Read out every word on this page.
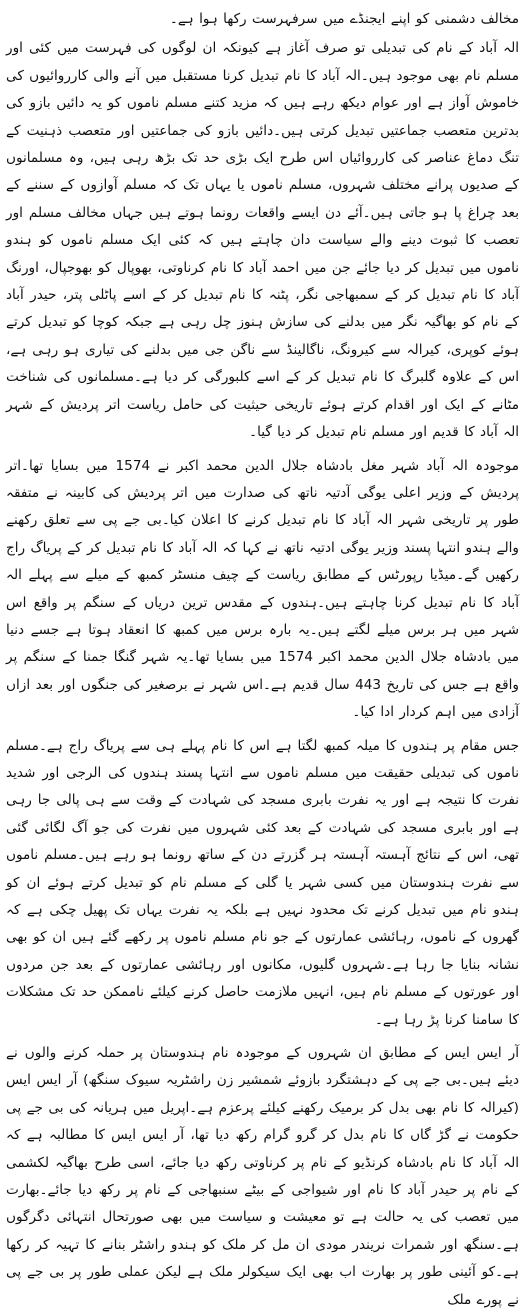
مخالف دشمنی کو اپنے ایجنڈے میں سرفہرست رکھا ہوا ہے۔

الہ آباد کے نام کی تبدیلی تو صرف آغاز ہے کیونکہ ان لوگوں کی فہرست میں کئی اور مسلم نام بھی موجود ہیں۔الہ آباد کا نام تبدیل کرنا مستقبل میں آنے والی کارروائیوں کی خاموش آواز ہے اور عوام دیکھ رہے ہیں کہ مزید کتنے مسلم ناموں کو یہ دائیں بازو کی بدترین متعصب جماعتیں تبدیل کرتی ہیں۔دائیں بازو کی جماعتیں اور متعصب ذہنیت کے تنگ دماغ عناصر کی کارروائیاں اس طرح ایک بڑی حد تک بڑھ رہی ہیں، وہ مسلمانوں کے صدیوں پرانے مختلف شہروں، مسلم ناموں یا یہاں تک کہ مسلم آوازوں کے سننے کے بعد چراغ پا ہو جاتی ہیں۔آئے دن ایسے واقعات رونما ہوتے ہیں جہاں مخالف مسلم اور تعصب کا ثبوت دینے والے سیاست دان چاہتے ہیں کہ کئی ایک مسلم ناموں کو ہندو ناموں میں تبدیل کر دیا جائے جن میں احمد آباد کا نام کرناوتی، بھوپال کو بھوجپال، اورنگ آباد کا نام تبدیل کر کے سمبھاجی نگر، پٹنہ کا نام تبدیل کر کے اسے پاٹلی پتر، حیدر آباد کے نام کو بھاگیہ نگر میں بدلنے کی سازش ہنوز چل رہی ہے جبکہ کوچا کو تبدیل کرتے ہوئے کوپری، کیرالہ سے کیرونگ، ناگالینڈ سے ناگن جی میں بدلنے کی تیاری ہو رہی ہے، اس کے علاوہ گلبرگ کا نام تبدیل کر کے اسے کلبورگی کر دیا ہے۔مسلمانوں کی شناخت مٹانے کے ایک اور اقدام کرتے ہوئے تاریخی حیثیت کی حامل ریاست اتر پردیش کے شہر الہ آباد کا قدیم اور مسلم نام تبدیل کر دیا گیا۔

موجودہ الہ آباد شہر مغل بادشاہ جلال الدین محمد اکبر نے 1574 میں بسایا تھا۔اتر پردیش کے وزیر اعلی یوگی آدتیہ ناتھ کی صدارت میں اتر پردیش کی کابینہ نے متفقہ طور پر تاریخی شہر الہ آباد کا نام تبدیل کرنے کا اعلان کیا۔بی جے پی سے تعلق رکھنے والے ہندو انتہا پسند وزیر یوگی ادتیہ ناتھ نے کہا کہ الہ آباد کا نام تبدیل کر کے پریاگ راج رکھیں گے۔میڈیا رپورٹس کے مطابق ریاست کے چیف منسٹر کمبھ کے میلے سے پہلے الہ آباد کا نام تبدیل کرنا چاہتے ہیں۔ہندوں کے مقدس ترین دریاں کے سنگم پر واقع اس شہر میں ہر برس میلے لگتے ہیں۔یہ بارہ برس میں کمبھ کا انعقاد ہوتا ہے جسے دنیا میں بادشاہ جلال الدین محمد اکبر 1574 میں بسایا تھا۔یہ شہر گنگا جمنا کے سنگم پر واقع ہے جس کی تاریخ 443 سال قدیم ہے۔اس شہر نے برصغیر کی جنگوں اور بعد ازاں آزادی میں اہم کردار ادا کیا۔

جس مقام پر ہندوں کا میلہ کمبھ لگتا ہے اس کا نام پہلے ہی سے پریاگ راج ہے۔مسلم ناموں کی تبدیلی حقیقت میں مسلم ناموں سے انتہا پسند ہندوں کی الرجی اور شدید نفرت کا نتیجہ ہے اور یہ نفرت بابری مسجد کی شہادت کے وقت سے ہی پالی جا رہی ہے اور بابری مسجد کی شہادت کے بعد کئی شہروں میں نفرت کی جو آگ لگائی گئی تھی، اس کے نتائج آہستہ آہستہ ہر گزرتے دن کے ساتھ رونما ہو رہے ہیں۔مسلم ناموں سے نفرت ہندوستان میں کسی شہر یا گلی کے مسلم نام کو تبدیل کرتے ہوئے ان کو ہندو نام میں تبدیل کرنے تک محدود نہیں ہے بلکہ یہ نفرت یہاں تک پھیل چکی ہے کہ گھروں کے ناموں، رہائشی عمارتوں کے جو نام مسلم ناموں پر رکھے گئے ہیں ان کو بھی نشانہ بنایا جا رہا ہے۔شہروں گلیوں، مکانوں اور رہائشی عمارتوں کے بعد جن مردوں اور عورتوں کے مسلم نام ہیں، انہیں ملازمت حاصل کرنے کیلئے ناممکن حد تک مشکلات کا سامنا کرنا پڑ رہا ہے۔

آر ایس ایس کے مطابق ان شہروں کے موجودہ نام ہندوستان پر حملہ کرنے والوں نے دیئے ہیں۔بی جے پی کے دہشتگرد بازوئے شمشیر زن راشٹریہ سیوک سنگھ) آر ایس ایس (کیرالہ کا نام بھی بدل کر برمیک رکھنے کیلئے پرعزم ہے۔اپریل میں ہریانہ کی بی جے پی حکومت نے گڑ گاں کا نام بدل کر گرو گرام رکھ دیا تھا، آر ایس ایس کا مطالبہ ہے کہ الہ آباد کا نام بادشاہ کرنڈیو کے نام پر کرناوتی رکھ دیا جائے، اسی طرح بھاگیہ لکشمی کے نام پر حیدر آباد کا نام اور شیواجی کے بیٹے سنبھاجی کے نام پر رکھ دیا جائے۔بھارت میں تعصب کی یہ حالت ہے تو معیشت و سیاست میں بھی صورتحال انتہائی دگرگوں ہے۔سنگھ اور شمرات نریندر مودی ان مل کر ملک کو ہندو راشٹر بنانے کا تہیہ کر رکھا ہے۔کو آئینی طور پر بھارت اب بھی ایک سیکولر ملک ہے لیکن عملی طور پر بی جے پی نے پورے ملک
